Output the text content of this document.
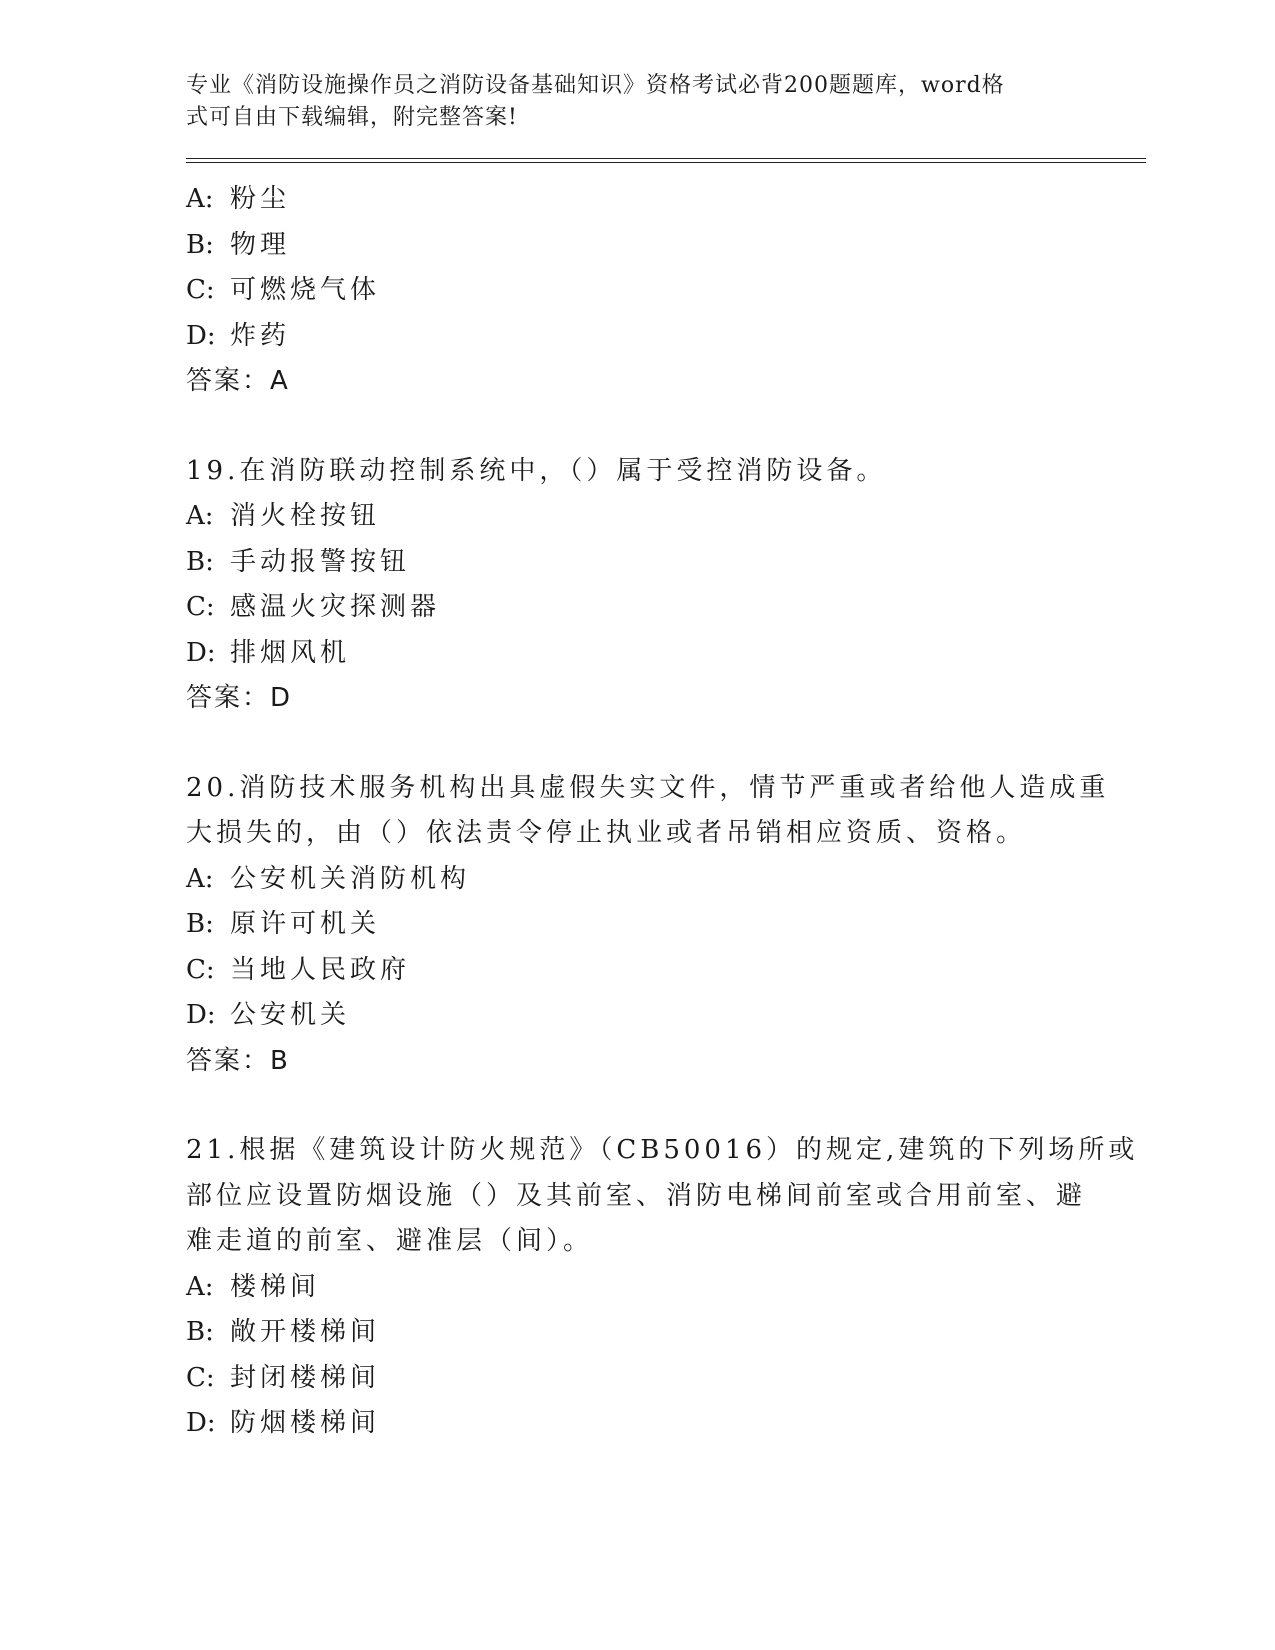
专业《消防设施操作员之消防设备基础知识》资格考试必背200题题库，word格
式可自由下载编辑，附完整答案!
A: 粉尘
B: 物理
C: 可燃烧气体
D: 炸药
答案：A
19.在消防联动控制系统中，（）属于受控消防设备。
A: 消火栓按钮
B: 手动报警按钮
C: 感温火灾探测器
D: 排烟风机
答案：D
20.消防技术服务机构出具虚假失实文件，情节严重或者给他人造成重
大损失的，由（）依法责令停止执业或者吊销相应资质、资格。
A: 公安机关消防机构
B: 原许可机关
C: 当地人民政府
D: 公安机关
答案：B
21.根据《建筑设计防火规范》（CB50016）的规定,建筑的下列场所或
部位应设置防烟设施（）及其前室、消防电梯间前室或合用前室、避
难走道的前室、避准层（间）。
A: 楼梯间
B: 敞开楼梯间
C: 封闭楼梯间
D: 防烟楼梯间
